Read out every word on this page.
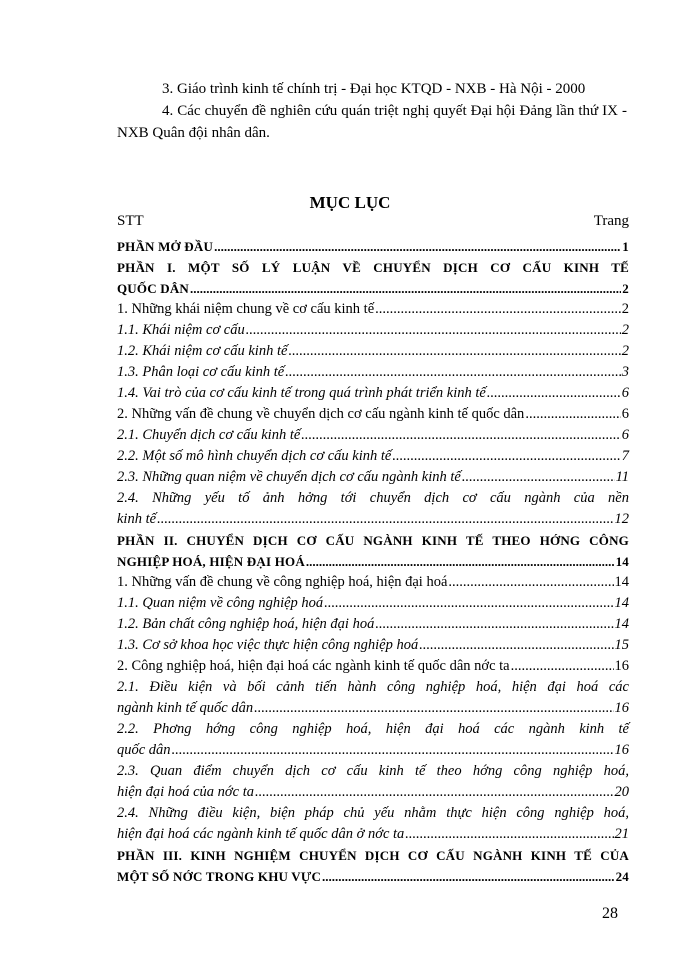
3. Giáo trình kinh tế chính trị - Đại học KTQD - NXB - Hà Nội - 2000

4. Các chuyển đề nghiên cứu quán triệt nghị quyết Đại hội Đảng lần thứ IX - NXB Quân đội nhân dân.

MỤC LỤC
STT	Trang
PHẦN MỞ ĐẦU .....	1
PHẦN I. MỘT SỐ LÝ LUẬN VỀ CHUYỂN DỊCH CƠ CẤU KINH TẾ
QUỐC DÂN .....	2
1. Những khái niệm chung về cơ cấu kinh tế .....	2
1.1. Khái niệm cơ cấu .....	2
1.2. Khái niệm cơ cấu kinh tế .....	2
1.3. Phân loại cơ cấu kinh tế .....	3
1.4. Vai trò của cơ cấu kinh tế trong quá trình phát triển kinh tế .....	6
2. Những vấn đề chung về chuyển dịch cơ cấu ngành kinh tế quốc dân .....	6
2.1. Chuyển dịch cơ cấu kinh tế .....	6
2.2. Một số mô hình chuyển dịch cơ cấu kinh tế .....	7
2.3. Những quan niệm về chuyển dịch cơ cấu ngành kinh tế .....	11
2.4. Những yếu tố ảnh hởng tới chuyển dịch cơ cấu ngành của nền
kinh tế .....	12
PHẦN II. CHUYỂN DỊCH CƠ CẤU NGÀNH KINH TẾ THEO HỚNG CÔNG
NGHIỆP HOÁ, HIỆN ĐẠI HOÁ .....	14
1. Những vấn đề chung về công nghiệp hoá, hiện đại hoá .....	14
1.1. Quan niệm về công nghiệp hoá .....	14
1.2. Bản chất công nghiệp hoá, hiện đại hoá .....	14
1.3. Cơ sở khoa học việc thực hiện công nghiệp hoá .....	15
2. Công nghiệp hoá, hiện đại hoá các ngành kinh tế quốc dân nớc ta .....	16
2.1. Điều kiện và bối cảnh tiến hành công nghiệp hoá, hiện đại hoá các
ngành kinh tế quốc dân .....	16
2.2. Phơng hớng công nghiệp hoá, hiện đại hoá các ngành kinh tế
quốc dân .....	16
2.3. Quan điểm chuyển dịch cơ cấu kinh tế theo hớng công nghiệp hoá,
hiện đại hoá của nớc ta .....	20
2.4. Những điều kiện, biện pháp chủ yếu nhằm thực hiện công nghiệp hoá,
hiện đại hoá các ngành kinh tế quốc dân ở nớc ta .....	21
PHẦN III. KINH NGHIỆM CHUYỂN DỊCH CƠ CẤU NGÀNH KINH TẾ CỦA
MỘT SỐ NỚC TRONG KHU VỰC .....	24
28
